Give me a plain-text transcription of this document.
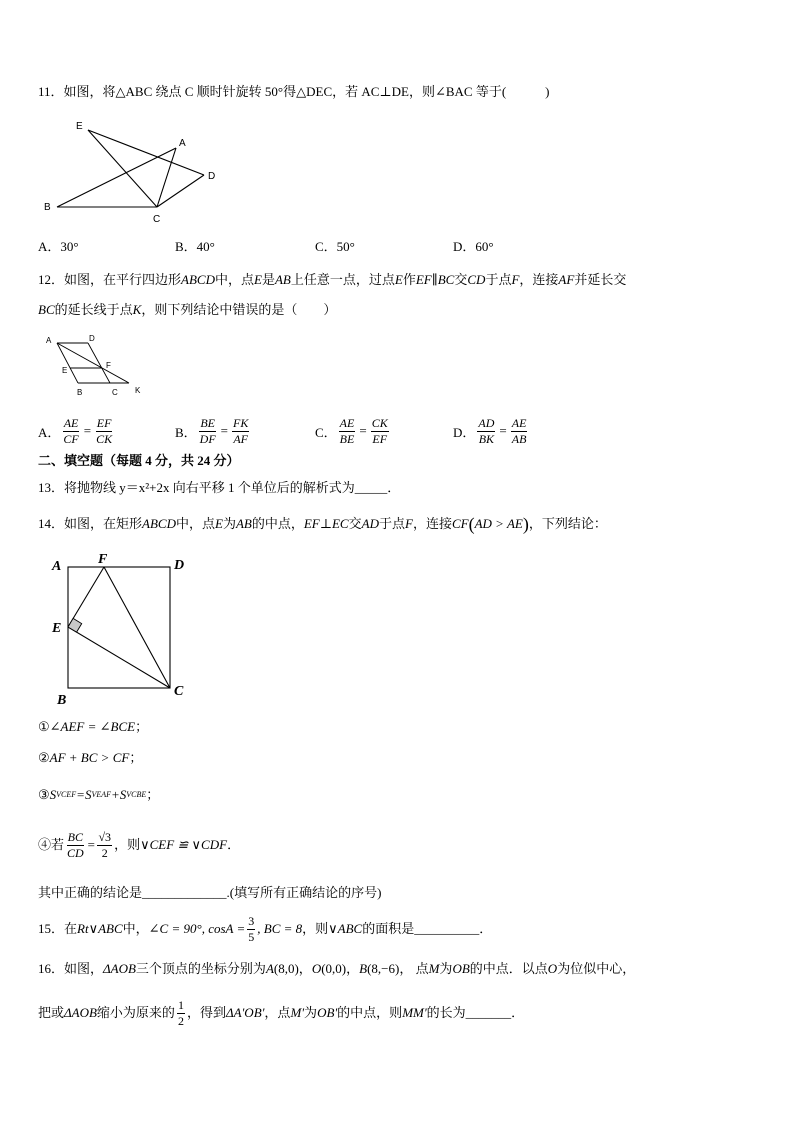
11．如图，将△ABC 绕点 C 顺时针旋转 50°得△DEC，若 AC⊥DE，则∠BAC 等于(　　　)
E
A
D
B
C
A．30°	B．40°	C．50°	D．60°
12．如图，在平行四边形 ABCD 中，点 E 是 AB 上任意一点，过点 E 作 EF ∥ BC 交 CD 于点 F ，连接 AF 并延长交
BC 的延长线于点 K ，则下列结论中错误的是（　　）
A	D
E
F
B	C K
A． $\frac{AE}{CF} = \frac{EF}{CK}$	B． $\frac{BE}{DF} = \frac{FK}{AF}$	C． $\frac{AE}{BE} = \frac{CK}{EF}$	D． $\frac{AD}{BK} = \frac{AE}{AB}$
二、填空题（每题 4 分，共 24 分）
13．将抛物线 y＝x²+2x 向右平移 1 个单位后的解析式为_____．
14．如图，在矩形 ABCD 中，点 E 为 AB 的中点， EF ⊥ EC 交 AD 于点 F ，连接 CF ( AD > AE ) ，下列结论：
A	F	D
E
B
C
① ∠AEF = ∠BCE ；
② AF + BC > CF ；
③ S VCEF = S VEAF + S VCBE ；
④若 $\frac{BC}{CD} = \frac{√3}{2}$ ，则 ∨CEF ≌ ∨CDF ．
其中正确的结论是_____________.(填写所有正确结论的序号)
15．在 Rt∨ABC 中， ∠C = 90°, $\cos A = \frac{3}{5}$ , BC = 8 ，则 ∨ABC 的面积是__________．
16．如图， ΔAOB 三个顶点的坐标分别为 A (8,0)， O (0,0)， B (8,−6)， 点 M 为 OB 的中点．以点 O 为位似中心，
把或 ΔAOB 缩小为原来的 $\frac{1}{2}$ ，得到 ΔA'OB' ，点 M' 为 OB' 的中点，则 MM' 的长为_______．
